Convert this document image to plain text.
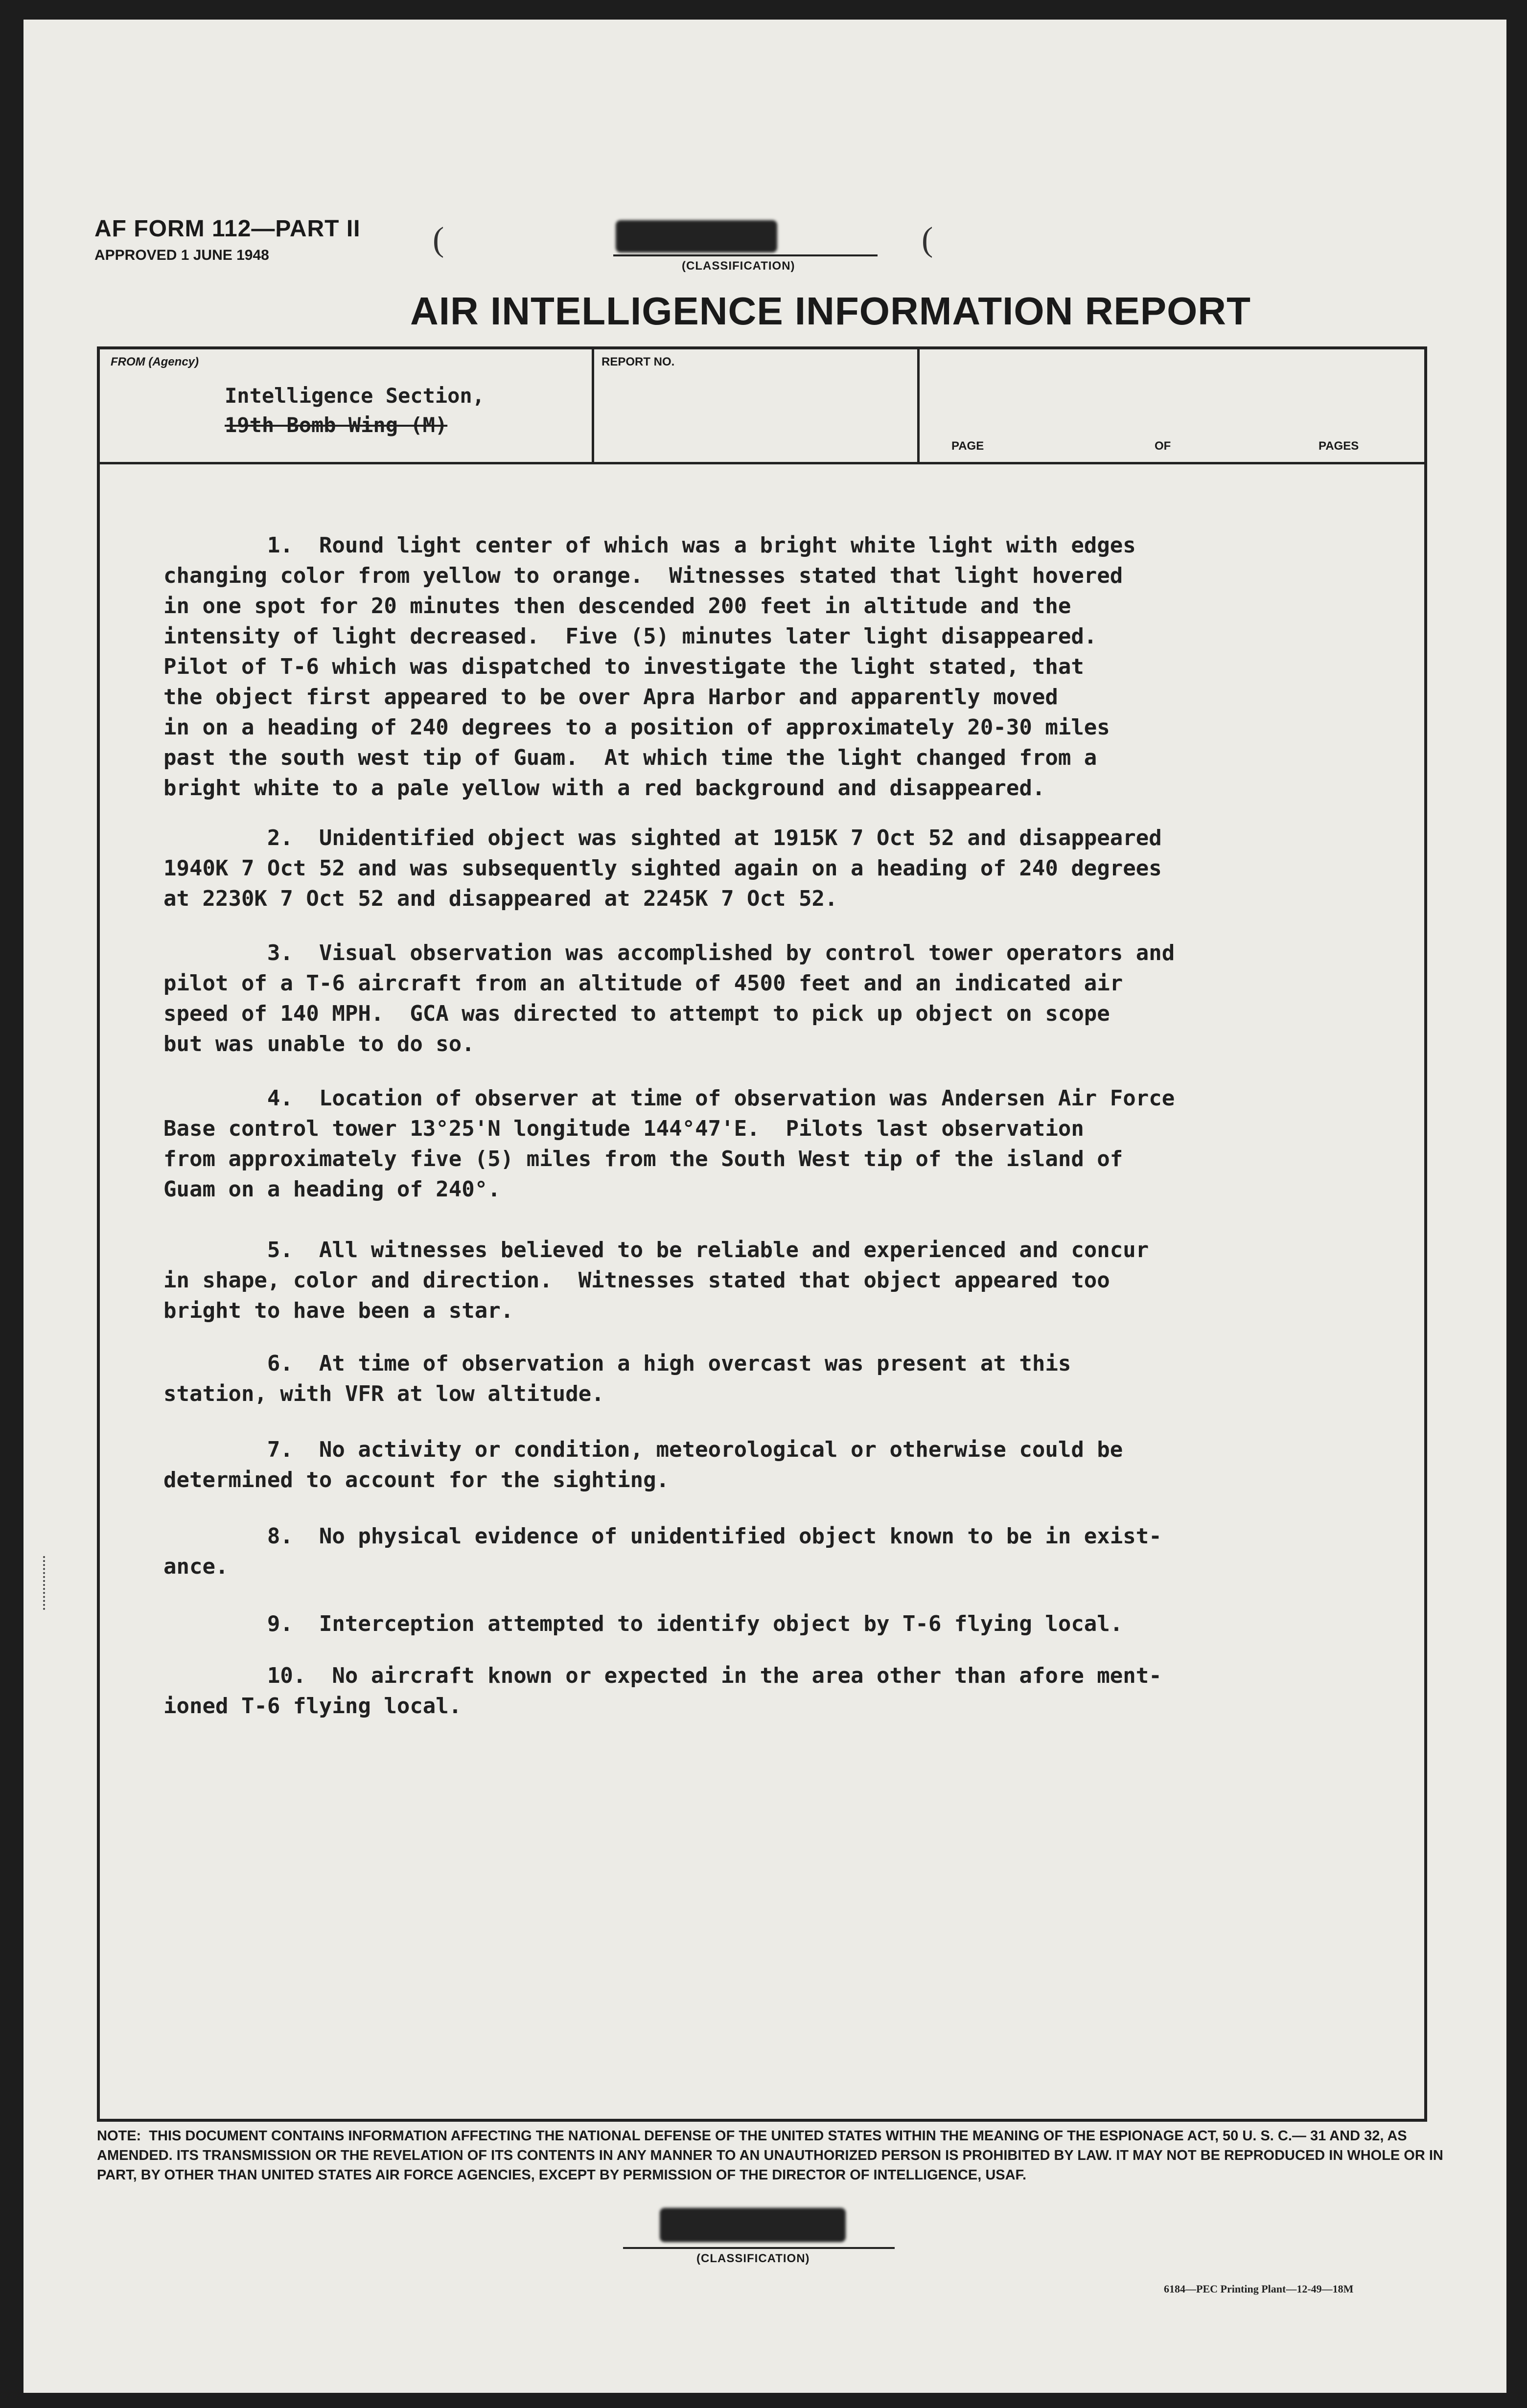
AF FORM 112—PART II
APPROVED 1 JUNE 1948
(CLASSIFICATION)
(	(
AIR INTELLIGENCE INFORMATION REPORT
FROM (Agency)
Intelligence Section,
19th Bomb Wing (M)
REPORT NO.
PAGE	OF	PAGES
1.  Round light center of which was a bright white light with edges
changing color from yellow to orange.  Witnesses stated that light hovered
in one spot for 20 minutes then descended 200 feet in altitude and the
intensity of light decreased.  Five (5) minutes later light disappeared.
Pilot of T-6 which was dispatched to investigate the light stated, that
the object first appeared to be over Apra Harbor and apparently moved
in on a heading of 240 degrees to a position of approximately 20-30 miles
past the south west tip of Guam.  At which time the light changed from a
bright white to a pale yellow with a red background and disappeared.
2.  Unidentified object was sighted at 1915K 7 Oct 52 and disappeared
1940K 7 Oct 52 and was subsequently sighted again on a heading of 240 degrees
at 2230K 7 Oct 52 and disappeared at 2245K 7 Oct 52.
3.  Visual observation was accomplished by control tower operators and
pilot of a T-6 aircraft from an altitude of 4500 feet and an indicated air
speed of 140 MPH.  GCA was directed to attempt to pick up object on scope
but was unable to do so.
4.  Location of observer at time of observation was Andersen Air Force
Base control tower 13°25'N longitude 144°47'E.  Pilots last observation
from approximately five (5) miles from the South West tip of the island of
Guam on a heading of 240°.
5.  All witnesses believed to be reliable and experienced and concur
in shape, color and direction.  Witnesses stated that object appeared too
bright to have been a star.
6.  At time of observation a high overcast was present at this
station, with VFR at low altitude.
7.  No activity or condition, meteorological or otherwise could be
determined to account for the sighting.
8.  No physical evidence of unidentified object known to be in exist-
ance.
9.  Interception attempted to identify object by T-6 flying local.
10.  No aircraft known or expected in the area other than afore ment-
ioned T-6 flying local.
NOTE: THIS DOCUMENT CONTAINS INFORMATION AFFECTING THE NATIONAL DEFENSE OF THE UNITED STATES WITHIN THE MEANING OF THE ESPIONAGE ACT, 50 U. S. C.— 31 AND 32, AS AMENDED. ITS TRANSMISSION OR THE REVELATION OF ITS CONTENTS IN ANY MANNER TO AN UNAUTHORIZED PERSON IS PROHIBITED BY LAW. IT MAY NOT BE REPRODUCED IN WHOLE OR IN PART, BY OTHER THAN UNITED STATES AIR FORCE AGENCIES, EXCEPT BY PERMISSION OF THE DIRECTOR OF INTELLIGENCE, USAF.
(CLASSIFICATION)
6184—PEC Printing Plant—12-49—18M
